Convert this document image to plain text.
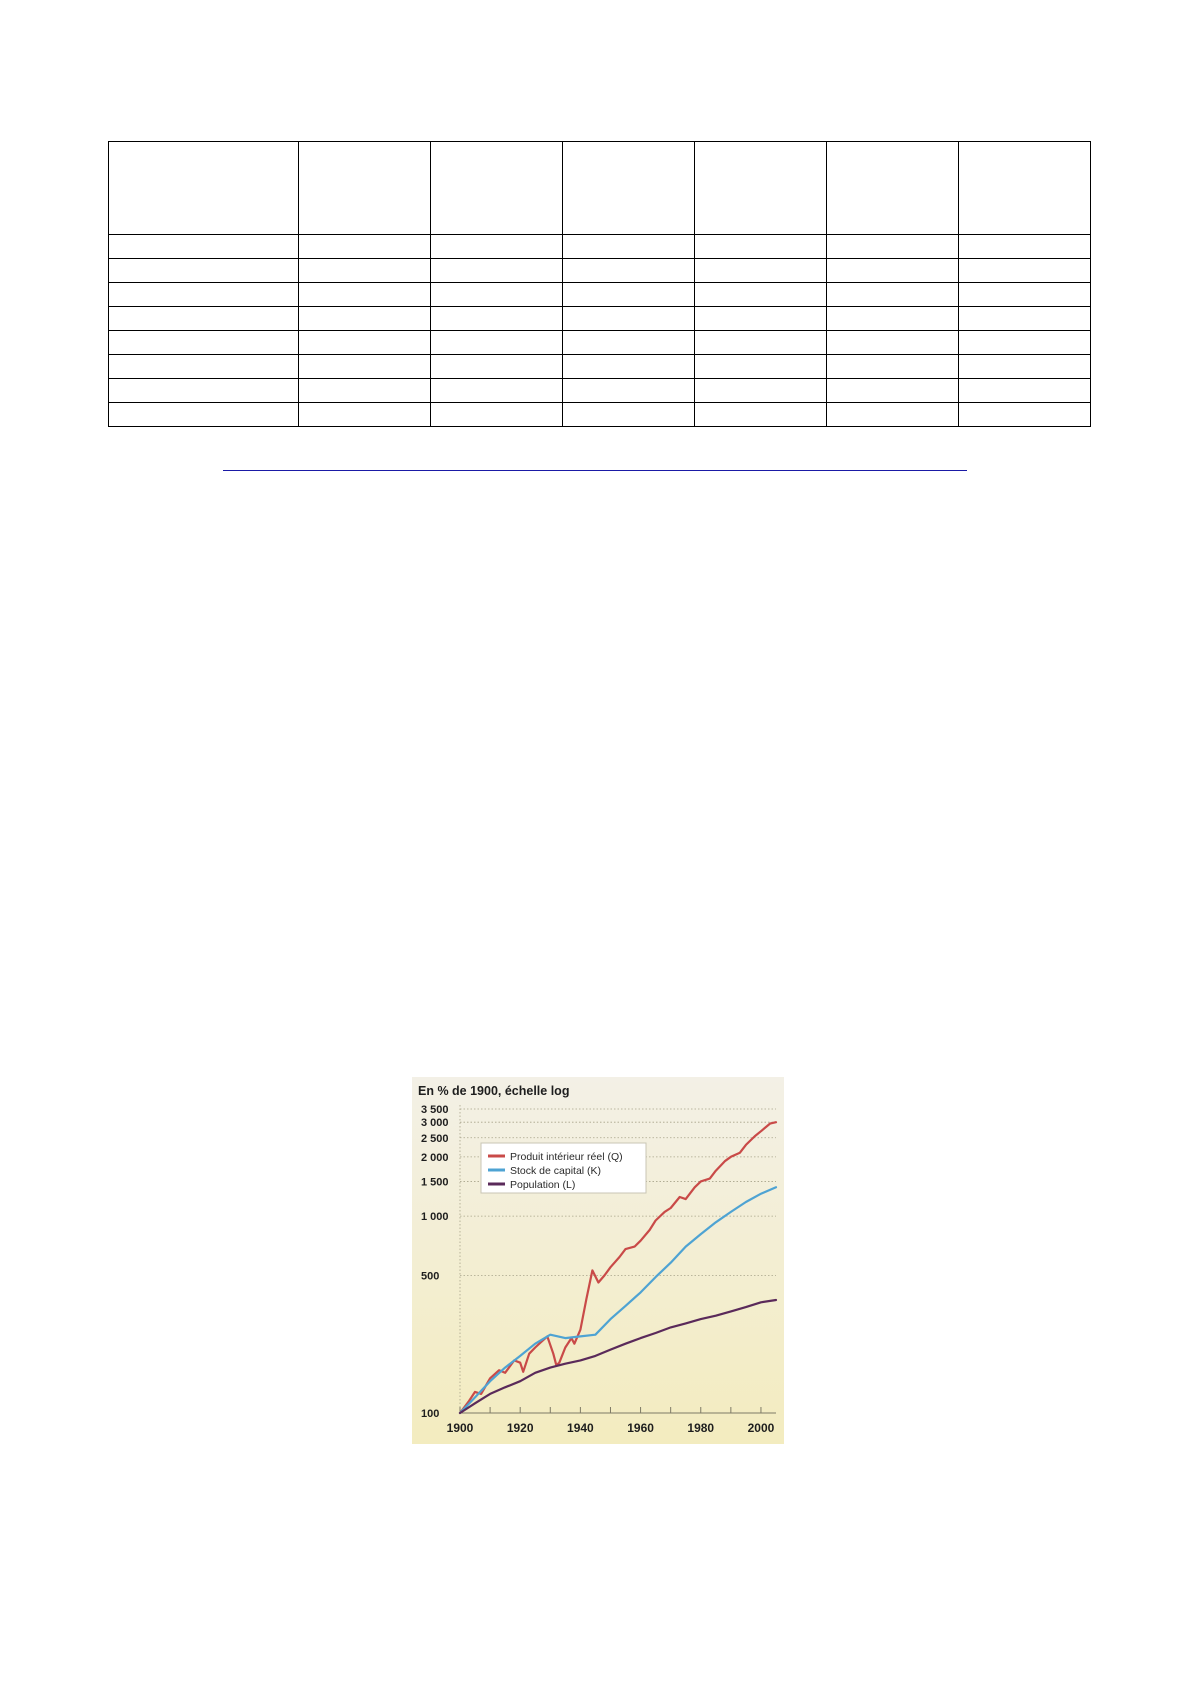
100
500
1 000
1 500
2 000
2 500
3 000
3 500
1900	1920	1940	1960	1980	2000
Produit intérieur réel (Q)
Stock de capital (K)
Population (L)
En % de 1900, échelle log
